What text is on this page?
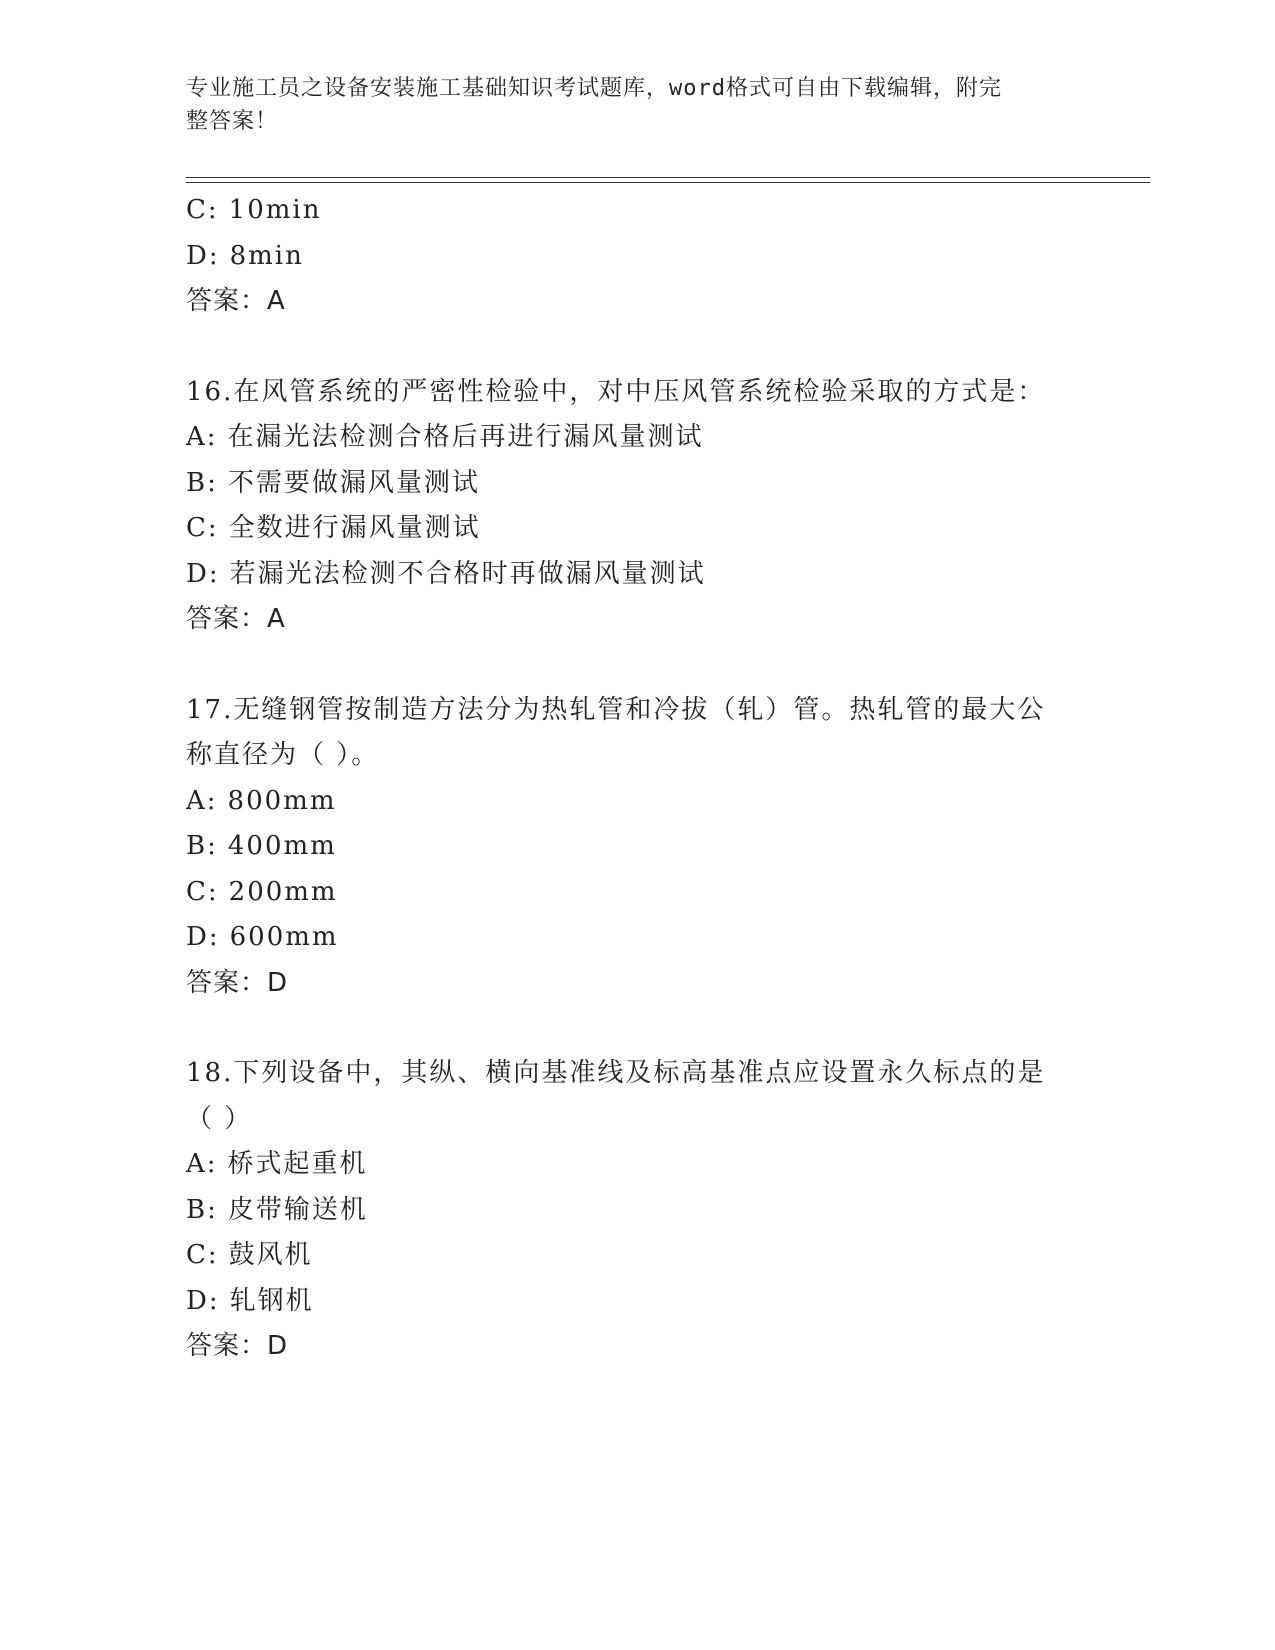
专业施工员之设备安装施工基础知识考试题库，word格式可自由下载编辑，附完
整答案！
C: 10min
D: 8min
答案：A
16.在风管系统的严密性检验中，对中压风管系统检验采取的方式是：
A: 在漏光法检测合格后再进行漏风量测试
B: 不需要做漏风量测试
C: 全数进行漏风量测试
D: 若漏光法检测不合格时再做漏风量测试
答案：A
17.无缝钢管按制造方法分为热轧管和冷拔（轧）管。热轧管的最大公
称直径为（ ）。
A: 800mm
B: 400mm
C: 200mm
D: 600mm
答案：D
18.下列设备中，其纵、横向基准线及标高基准点应设置永久标点的是
（ ）
A: 桥式起重机
B: 皮带输送机
C: 鼓风机
D: 轧钢机
答案：D
